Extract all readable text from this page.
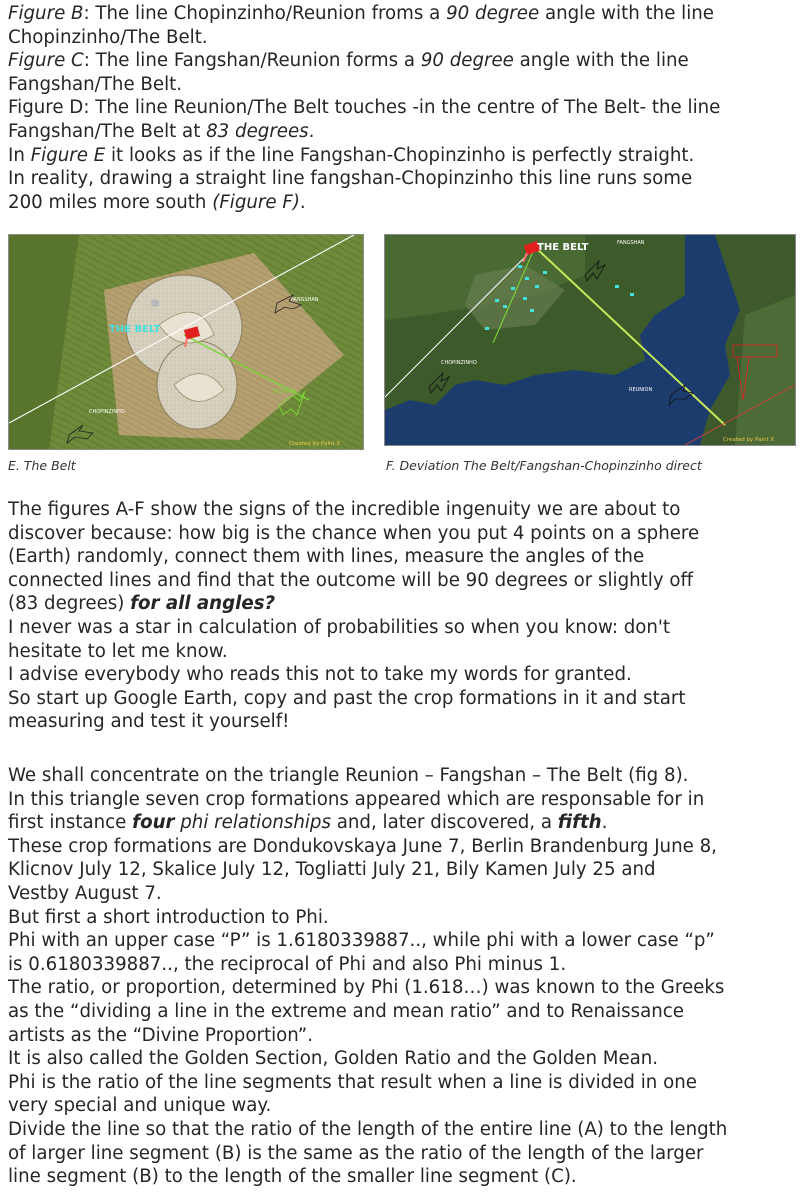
Figure B: The line Chopinzinho/Reunion froms a 90 degree angle with the line
Chopinzinho/The Belt.
Figure C: The line Fangshan/Reunion forms a 90 degree angle with the line
Fangshan/The Belt.
Figure D: The line Reunion/The Belt touches -in the centre of The Belt- the line
Fangshan/The Belt at 83 degrees.
In Figure E it looks as if the line Fangshan-Chopinzinho is perfectly straight.
In reality, drawing a straight line fangshan-Chopinzinho this line runs some
200 miles more south (Figure F).
THE BELT
FANGSHAN
CHOPINZINHO
REUNION
Created by Paint X
THE BELT	FANGSHAN
CHOPINZINHO
REUNION
Created by Paint X
E. The Belt	F. Deviation The Belt/Fangshan-Chopinzinho direct
The figures A-F show the signs of the incredible ingenuity we are about to
discover because: how big is the chance when you put 4 points on a sphere
(Earth) randomly, connect them with lines, measure the angles of the
connected lines and find that the outcome will be 90 degrees or slightly off
(83 degrees) for all angles?
I never was a star in calculation of probabilities so when you know: don't
hesitate to let me know.
I advise everybody who reads this not to take my words for granted.
So start up Google Earth, copy and past the crop formations in it and start
measuring and test it yourself!
We shall concentrate on the triangle Reunion – Fangshan – The Belt (fig 8).
In this triangle seven crop formations appeared which are responsable for in
first instance four phi relationships and, later discovered, a fifth.
These crop formations are Dondukovskaya June 7, Berlin Brandenburg June 8,
Klicnov July 12, Skalice July 12, Togliatti July 21, Bily Kamen July 25 and
Vestby August 7.
But first a short introduction to Phi.
Phi with an upper case “P” is 1.6180339887.., while phi with a lower case “p”
is 0.6180339887.., the reciprocal of Phi and also Phi minus 1.
The ratio, or proportion, determined by Phi (1.618…) was known to the Greeks
as the “dividing a line in the extreme and mean ratio” and to Renaissance
artists as the “Divine Proportion”.
It is also called the Golden Section, Golden Ratio and the Golden Mean.
Phi is the ratio of the line segments that result when a line is divided in one
very special and unique way.
Divide the line so that the ratio of the length of the entire line (A) to the length
of larger line segment (B) is the same as the ratio of the length of the larger
line segment (B) to the length of the smaller line segment (C).
